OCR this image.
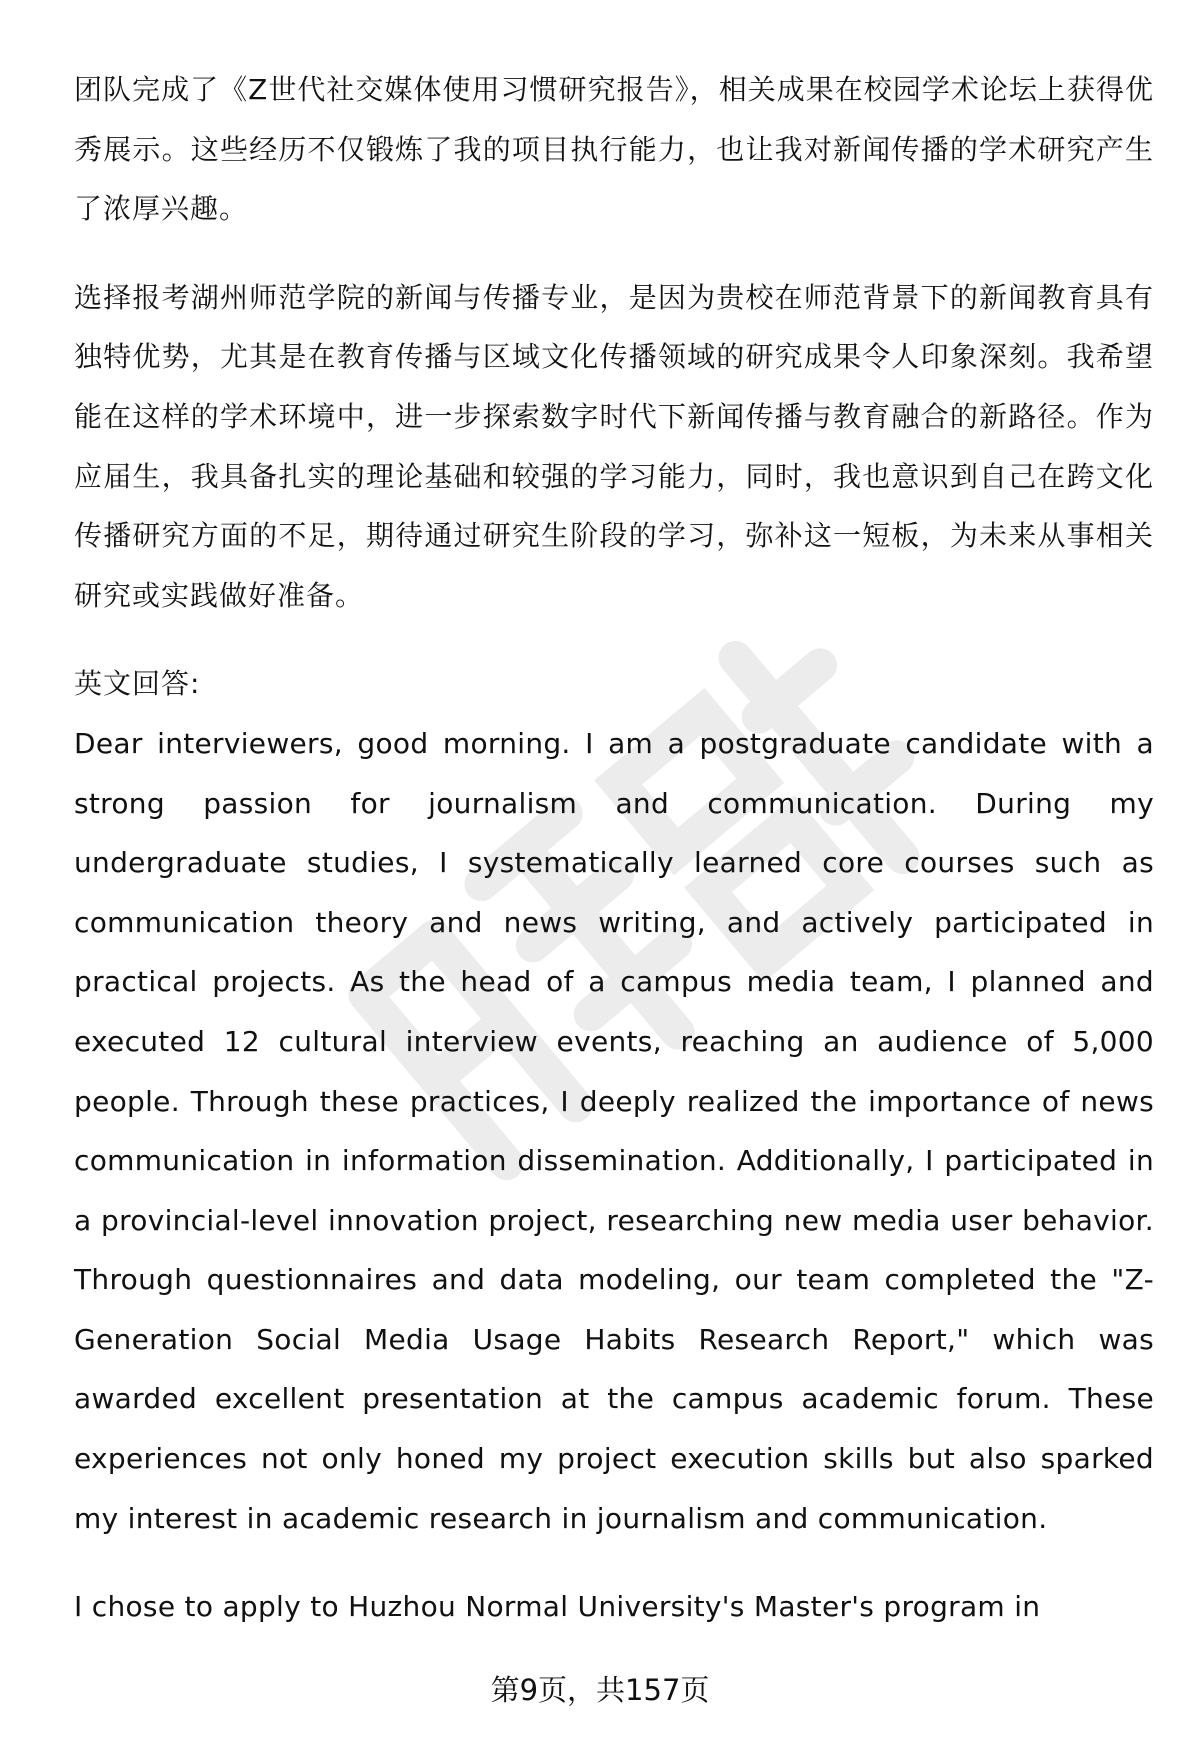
团队完成了《Z世代社交媒体使用习惯研究报告》，相关成果在校园学术论坛上获得优秀展示。这些经历不仅锻炼了我的项目执行能力，也让我对新闻传播的学术研究产生了浓厚兴趣。

选择报考湖州师范学院的新闻与传播专业，是因为贵校在师范背景下的新闻教育具有独特优势，尤其是在教育传播与区域文化传播领域的研究成果令人印象深刻。我希望能在这样的学术环境中，进一步探索数字时代下新闻传播与教育融合的新路径。作为应届生，我具备扎实的理论基础和较强的学习能力，同时，我也意识到自己在跨文化传播研究方面的不足，期待通过研究生阶段的学习，弥补这一短板，为未来从事相关研究或实践做好准备。

英文回答:

Dear interviewers, good morning. I am a postgraduate candidate with a strong passion for journalism and communication. During my undergraduate studies, I systematically learned core courses such as communication theory and news writing, and actively participated in practical projects. As the head of a campus media team, I planned and executed 12 cultural interview events, reaching an audience of 5,000 people. Through these practices, I deeply realized the importance of news communication in information dissemination. Additionally, I participated in a provincial-level innovation project, researching new media user behavior. Through questionnaires and data modeling, our team completed the "Z-Generation Social Media Usage Habits Research Report," which was awarded excellent presentation at the campus academic forum. These experiences not only honed my project execution skills but also sparked my interest in academic research in journalism and communication.

I chose to apply to Huzhou Normal University's Master's program in

第9页，共157页
